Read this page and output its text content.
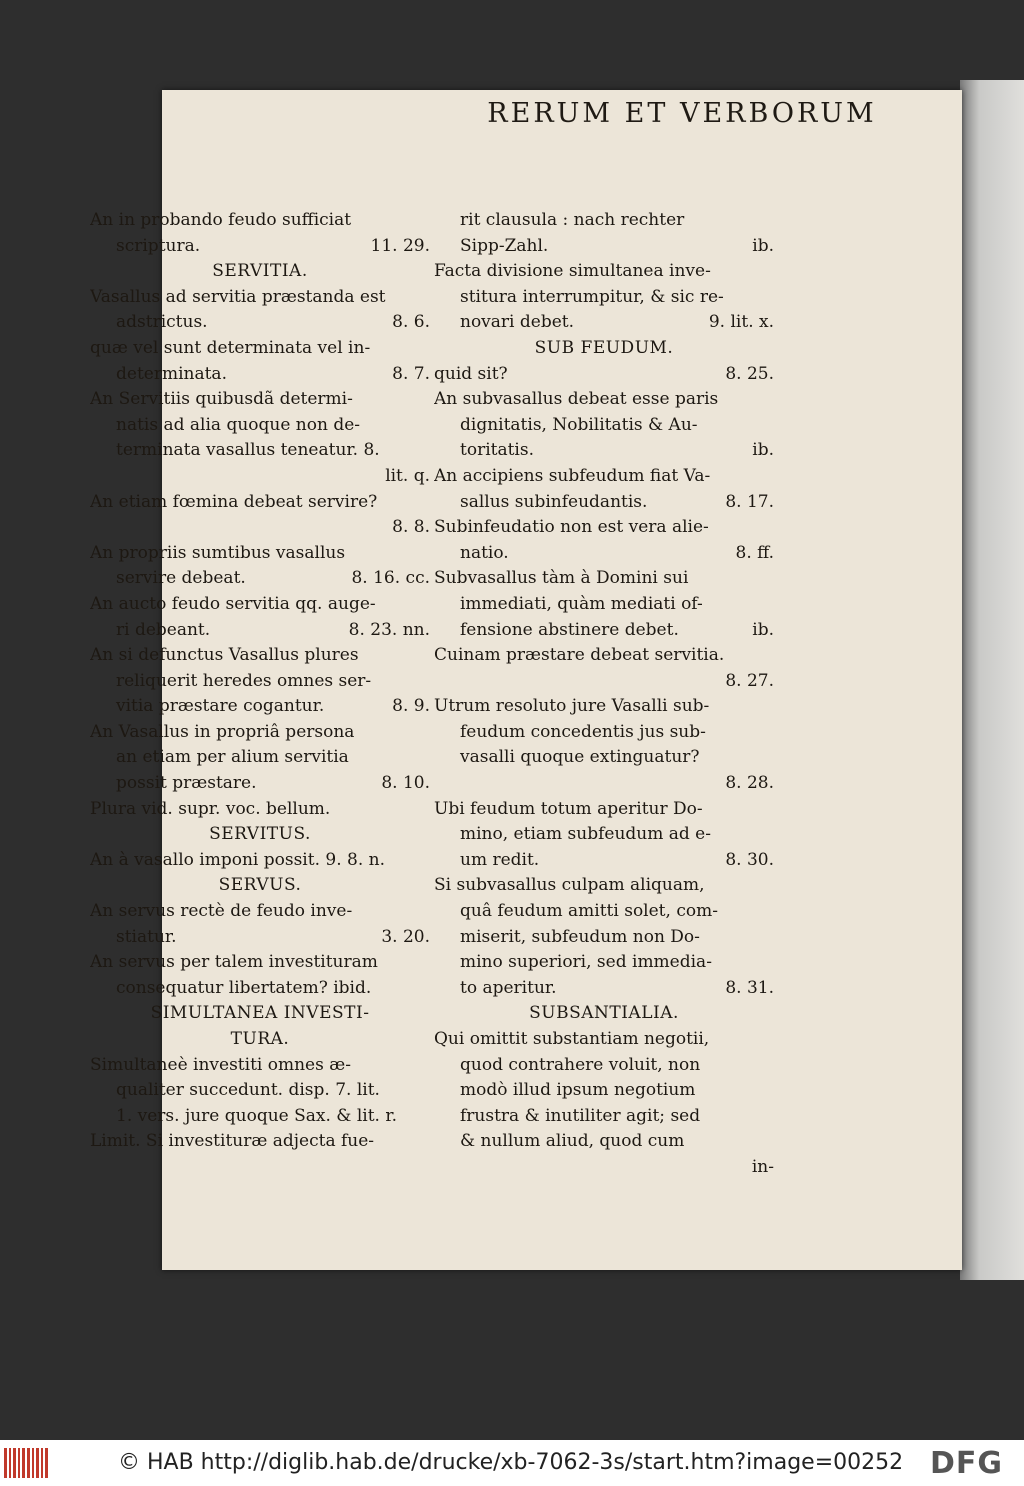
RERUM ET VERBORUM
An in probando feudo sufficiat
11. 29.
scriptura.
SERVITIA.
Vasallus ad servitia præstanda est
8. 6.
adstrictus.
quæ vel sunt determinata vel in-
8. 7.
determinata.
An Servitiis quibusdã determi-
natis ad alia quoque non de-
terminata vasallus teneatur. 8.
lit. q.
An etiam fœmina debeat servire?
8. 8.
An propriis sumtibus vasallus
8. 16. cc.
servire debeat.
An aucto feudo servitia qq. auge-
8. 23. nn.
ri debeant.
An si defunctus Vasallus plures
reliquerit heredes omnes ser-
8. 9.
vitia præstare cogantur.
An Vasallus in propriâ persona
an etiam per alium servitia
8. 10.
possit præstare.
Plura vid. supr. voc. bellum.
SERVITUS.
An à vasallo imponi possit. 9. 8. n.
SERVUS.
An servus rectè de feudo inve-
3. 20.
stiatur.
An servus per talem investituram
consequatur libertatem? ibid.
SIMULTANEA INVESTI-
TURA.
Simultaneè investiti omnes æ-
qualiter succedunt. disp. 7. lit.
1. vers. jure quoque Sax. & lit. r.
Limit. Si investituræ adjecta fue-
rit clausula : nach rechter
ib.
Sipp-Zahl.
Facta divisione simultanea inve-
stitura interrumpitur, & sic re-
9. lit. x.
novari debet.
SUB FEUDUM.
8. 25.
quid sit?
An subvasallus debeat esse paris
dignitatis, Nobilitatis & Au-
ib.
toritatis.
An accipiens subfeudum fiat Va-
8. 17.
sallus subinfeudantis.
Subinfeudatio non est vera alie-
8. ff.
natio.
Subvasallus tàm à Domini sui
immediati, quàm mediati of-
ib.
fensione abstinere debet.
Cuinam præstare debeat servitia.
8. 27.
Utrum resoluto jure Vasalli sub-
feudum concedentis jus sub-
vasalli quoque extinguatur?
8. 28.
Ubi feudum totum aperitur Do-
mino, etiam subfeudum ad e-
8. 30.
um redit.
Si subvasallus culpam aliquam,
quâ feudum amitti solet, com-
miserit, subfeudum non Do-
mino superiori, sed immedia-
8. 31.
to aperitur.
SUBSANTIALIA.
Qui omittit substantiam negotii,
quod contrahere voluit, non
modò illud ipsum negotium
frustra & inutiliter agit; sed
& nullum aliud, quod cum
in-
© HAB http://diglib.hab.de/drucke/xb-7062-3s/start.htm?image=00252 DFG
